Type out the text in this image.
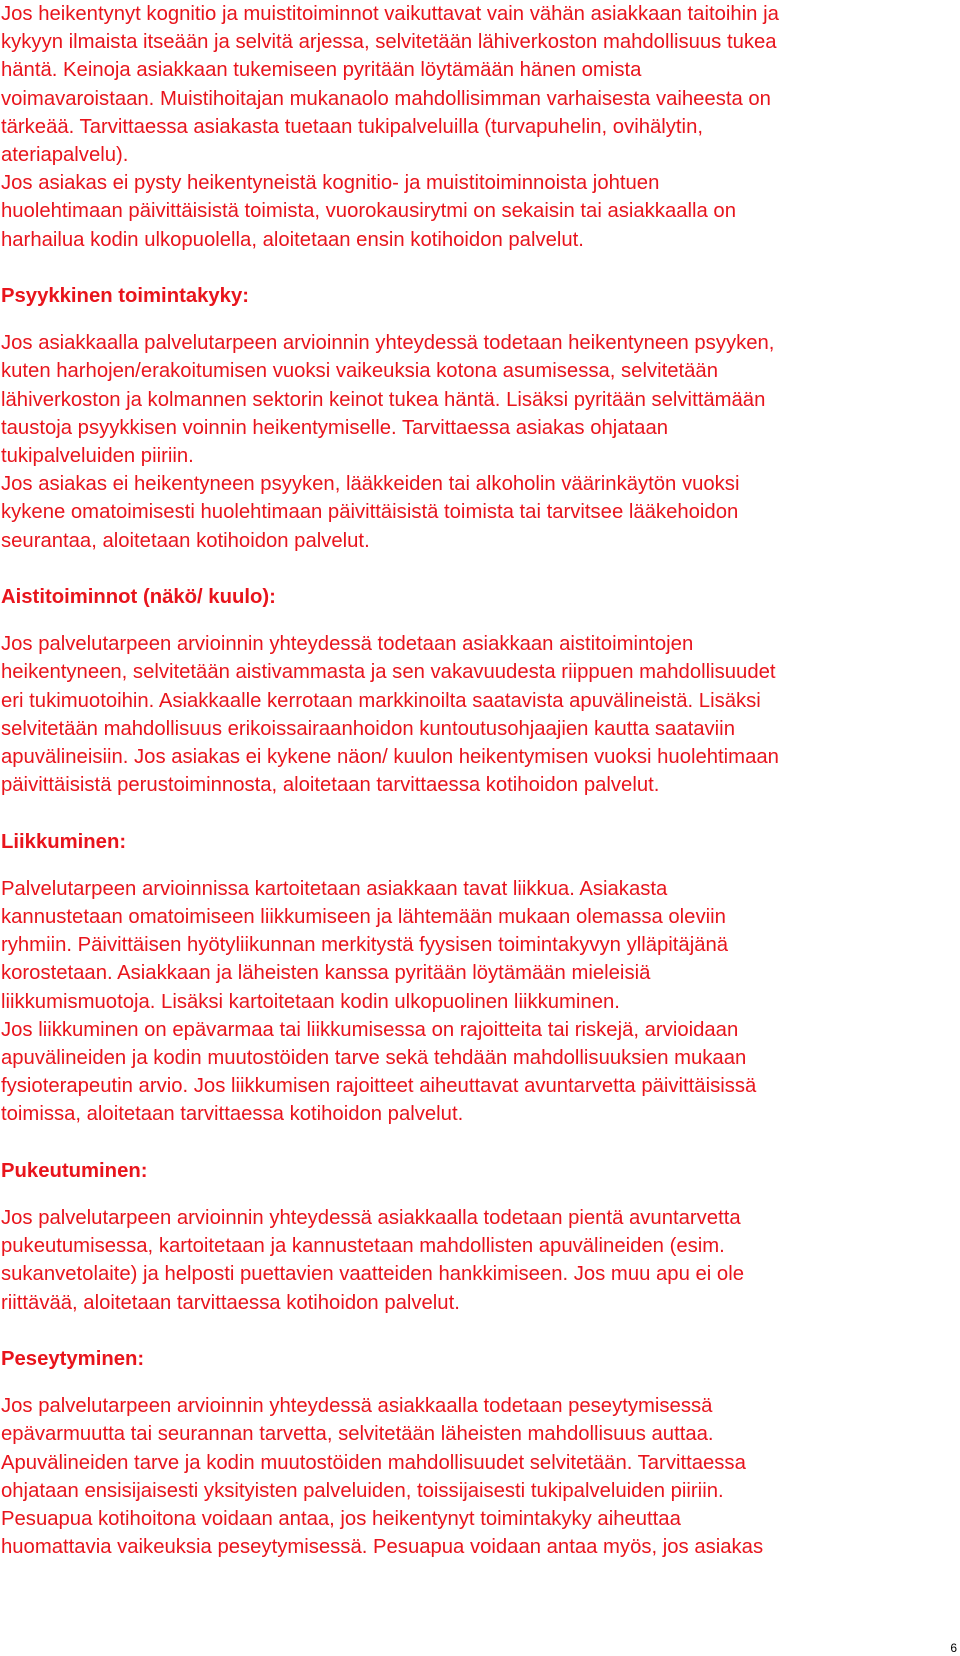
Jos heikentynyt kognitio ja muistitoiminnot vaikuttavat vain vähän asiakkaan taitoihin ja
kykyyn ilmaista itseään ja selvitä arjessa, selvitetään lähiverkoston mahdollisuus tukea
häntä. Keinoja asiakkaan tukemiseen pyritään löytämään hänen omista
voimavaroistaan. Muistihoitajan mukanaolo mahdollisimman varhaisesta vaiheesta on
tärkeää. Tarvittaessa asiakasta tuetaan tukipalveluilla (turvapuhelin, ovihälytin,
ateriapalvelu).

Jos asiakas ei pysty heikentyneistä kognitio- ja muistitoiminnoista johtuen
huolehtimaan päivittäisistä toimista, vuorokausirytmi on sekaisin tai asiakkaalla on
harhailua kodin ulkopuolella, aloitetaan ensin kotihoidon palvelut.

Psyykkinen toimintakyky:

Jos asiakkaalla palvelutarpeen arvioinnin yhteydessä todetaan heikentyneen psyyken,
kuten harhojen/erakoitumisen vuoksi vaikeuksia kotona asumisessa, selvitetään
lähiverkoston ja kolmannen sektorin keinot tukea häntä. Lisäksi pyritään selvittämään
taustoja psyykkisen voinnin heikentymiselle. Tarvittaessa asiakas ohjataan
tukipalveluiden piiriin.

Jos asiakas ei heikentyneen psyyken, lääkkeiden tai alkoholin väärinkäytön vuoksi
kykene omatoimisesti huolehtimaan päivittäisistä toimista tai tarvitsee lääkehoidon
seurantaa, aloitetaan kotihoidon palvelut.

Aistitoiminnot (näkö/ kuulo):

Jos palvelutarpeen arvioinnin yhteydessä todetaan asiakkaan aistitoimintojen
heikentyneen, selvitetään aistivammasta ja sen vakavuudesta riippuen mahdollisuudet
eri tukimuotoihin. Asiakkaalle kerrotaan markkinoilta saatavista apuvälineistä. Lisäksi
selvitetään mahdollisuus erikoissairaanhoidon kuntoutusohjaajien kautta saataviin
apuvälineisiin. Jos asiakas ei kykene näon/ kuulon heikentymisen vuoksi huolehtimaan
päivittäisistä perustoiminnosta, aloitetaan tarvittaessa kotihoidon palvelut.

Liikkuminen:

Palvelutarpeen arvioinnissa kartoitetaan asiakkaan tavat liikkua. Asiakasta
kannustetaan omatoimiseen liikkumiseen ja lähtemään mukaan olemassa oleviin
ryhmiin. Päivittäisen hyötyliikunnan merkitystä fyysisen toimintakyvyn ylläpitäjänä
korostetaan. Asiakkaan ja läheisten kanssa pyritään löytämään mieleisiä
liikkumismuotoja. Lisäksi kartoitetaan kodin ulkopuolinen liikkuminen.

Jos liikkuminen on epävarmaa tai liikkumisessa on rajoitteita tai riskejä, arvioidaan
apuvälineiden ja kodin muutostöiden tarve sekä tehdään mahdollisuuksien mukaan
fysioterapeutin arvio. Jos liikkumisen rajoitteet aiheuttavat avuntarvetta päivittäisissä
toimissa, aloitetaan tarvittaessa kotihoidon palvelut.

Pukeutuminen:

Jos palvelutarpeen arvioinnin yhteydessä asiakkaalla todetaan pientä avuntarvetta
pukeutumisessa, kartoitetaan ja kannustetaan mahdollisten apuvälineiden (esim.
sukanvetolaite) ja helposti puettavien vaatteiden hankkimiseen. Jos muu apu ei ole
riittävää, aloitetaan tarvittaessa kotihoidon palvelut.

Peseytyminen:

Jos palvelutarpeen arvioinnin yhteydessä asiakkaalla todetaan peseytymisessä
epävarmuutta tai seurannan tarvetta, selvitetään läheisten mahdollisuus auttaa.
Apuvälineiden tarve ja kodin muutostöiden mahdollisuudet selvitetään. Tarvittaessa
ohjataan ensisijaisesti yksityisten palveluiden, toissijaisesti tukipalveluiden piiriin.
Pesuapua kotihoitona voidaan antaa, jos heikentynyt toimintakyky aiheuttaa
huomattavia vaikeuksia peseytymisessä. Pesuapua voidaan antaa myös, jos asiakas

6
